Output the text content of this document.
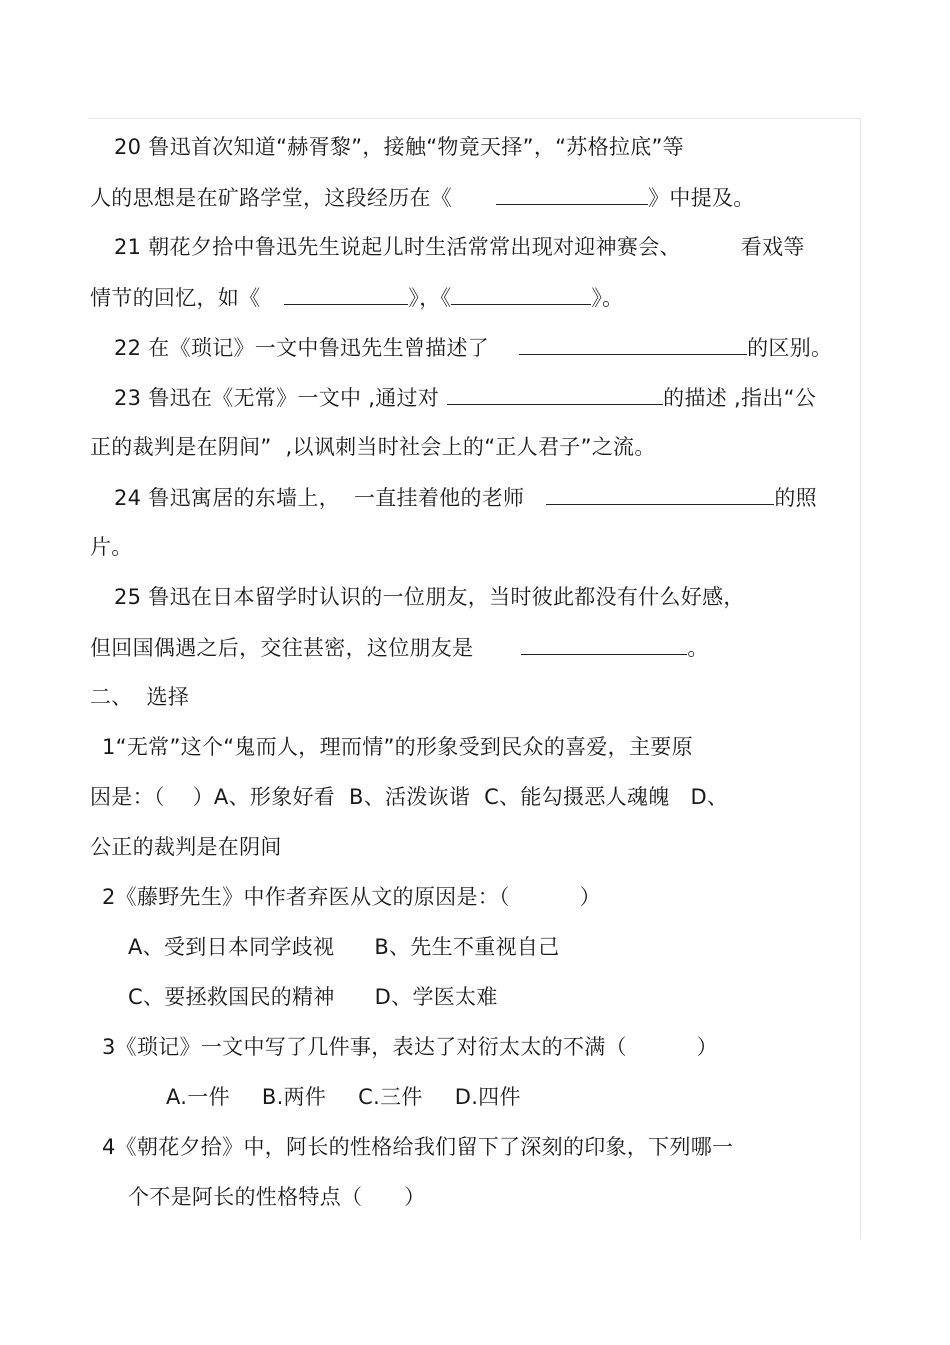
20 鲁迅首次知道“赫胥黎”，接触“物竟天择”，“苏格拉底”等
人的思想是在矿路学堂，这段经历在《	》中提及。
21 朝花夕拾中鲁迅先生说起儿时生活常常出现对迎神赛会、	看戏等
情节的回忆，如《	》，《	》。
22 在《琐记》一文中鲁迅先生曾描述了	的区别。
23 鲁迅在《无常》一文中 ,通过对	的描述 ,指出“公
正的裁判是在阴间”  ,以讽刺当时社会上的“正人君子”之流。
24 鲁迅寓居的东墙上，  一直挂着他的老师	的照
片。
25 鲁迅在日本留学时认识的一位朋友，当时彼此都没有什么好感，
但回国偶遇之后，交往甚密，这位朋友是	。
二、  选择
1“无常”这个“鬼而人，理而情”的形象受到民众的喜爱，主要原
因是：（    ）A、形象好看  B、活泼诙谐  C、能勾摄恶人魂魄   D、
公正的裁判是在阴间
2《藤野先生》中作者弃医从文的原因是：（          ）
A、受到日本同学歧视 B、先生不重视自己
C、要拯救国民的精神 D、学医太难
3《琐记》一文中写了几件事，表达了对衍太太的不满（          ）
A.一件 B.两件 C.三件 D.四件
4《朝花夕拾》中，阿长的性格给我们留下了深刻的印象，下列哪一
个不是阿长的性格特点（      ）
